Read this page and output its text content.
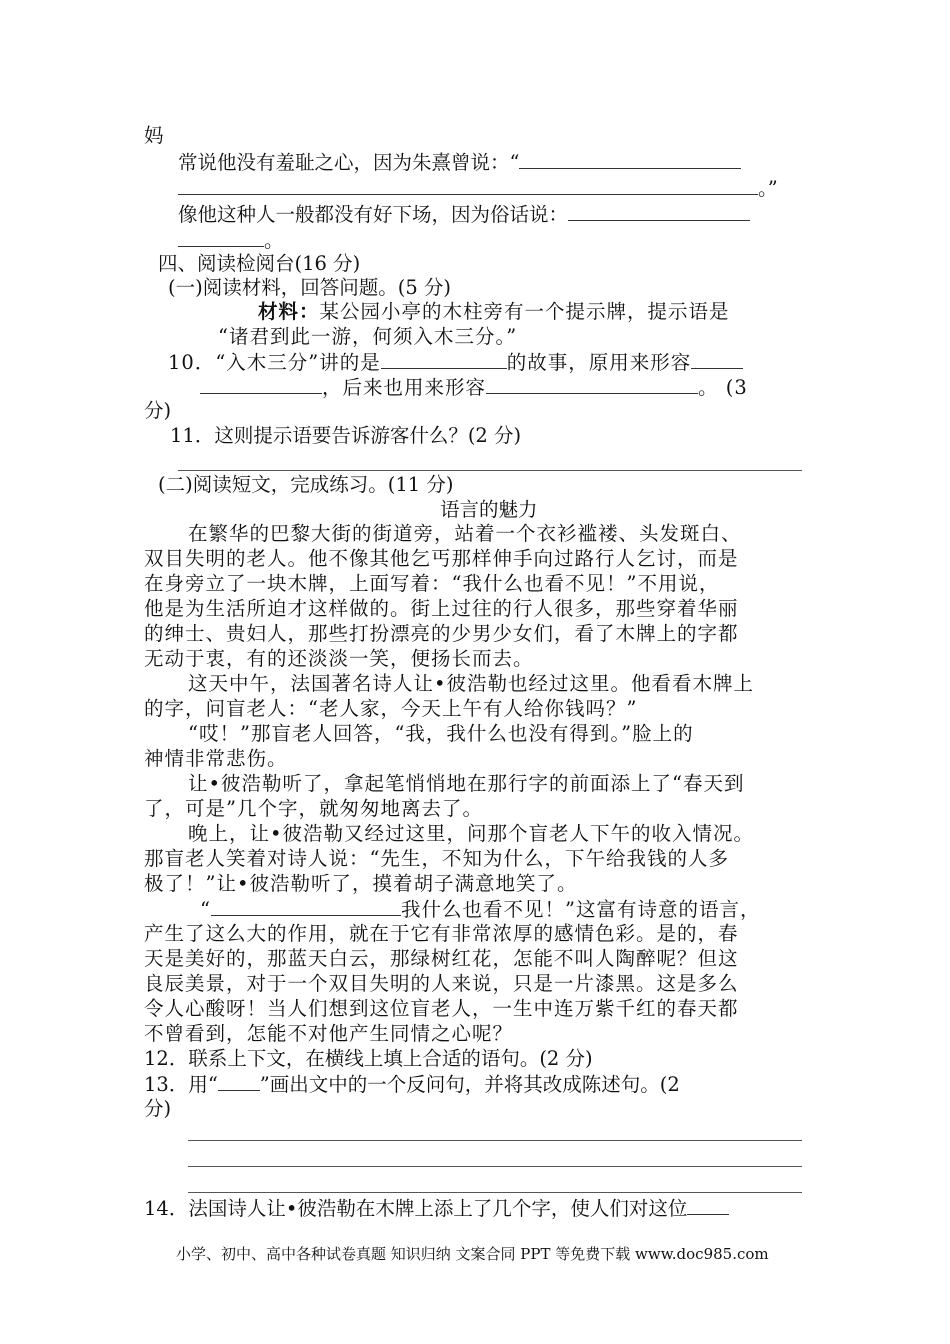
妈
常说他没有羞耻之心，因为朱熹曾说：“
。”
像他这种人一般都没有好下场，因为俗话说：
。
四、阅读检阅台(16 分)
(一)阅读材料，回答问题。(5 分)
材料：某公园小亭的木柱旁有一个提示牌，提示语是
“诸君到此一游，何须入木三分。”
10．“入木三分”讲的是	的故事，原用来形容
，后来也用来形容	。 (3
分)
11．这则提示语要告诉游客什么？(2 分)
(二)阅读短文，完成练习。(11 分)
语言的魅力
在繁华的巴黎大街的街道旁，站着一个衣衫褴褛、头发斑白、
双目失明的老人。他不像其他乞丐那样伸手向过路行人乞讨，而是
在身旁立了一块木牌，上面写着：“我什么也看不见！”不用说，
他是为生活所迫才这样做的。街上过往的行人很多，那些穿着华丽
的绅士、贵妇人，那些打扮漂亮的少男少女们，看了木牌上的字都
无动于衷，有的还淡淡一笑，便扬长而去。
这天中午，法国著名诗人让•彼浩勒也经过这里。他看看木牌上
的字，问盲老人：“老人家，今天上午有人给你钱吗？”
“哎！”那盲老人回答，“我，我什么也没有得到。”脸上的
神情非常悲伤。
让•彼浩勒听了，拿起笔悄悄地在那行字的前面添上了“春天到
了，可是”几个字，就匆匆地离去了。
晚上，让•彼浩勒又经过这里，问那个盲老人下午的收入情况。
那盲老人笑着对诗人说：“先生，不知为什么，下午给我钱的人多
极了！”让•彼浩勒听了，摸着胡子满意地笑了。
“	我什么也看不见！”这富有诗意的语言，
产生了这么大的作用，就在于它有非常浓厚的感情色彩。是的，春
天是美好的，那蓝天白云，那绿树红花，怎能不叫人陶醉呢？但这
良辰美景，对于一个双目失明的人来说，只是一片漆黑。这是多么
令人心酸呀！当人们想到这位盲老人，一生中连万紫千红的春天都
不曾看到，怎能不对他产生同情之心呢？
12．联系上下文，在横线上填上合适的语句。(2 分)
13．用“ ”画出文中的一个反问句，并将其改成陈述句。(2
分)
14．法国诗人让•彼浩勒在木牌上添上了几个字，使人们对这位
小学、初中、高中各种试卷真题 知识归纳 文案合同 PPT 等免费下载 www.doc985.com
